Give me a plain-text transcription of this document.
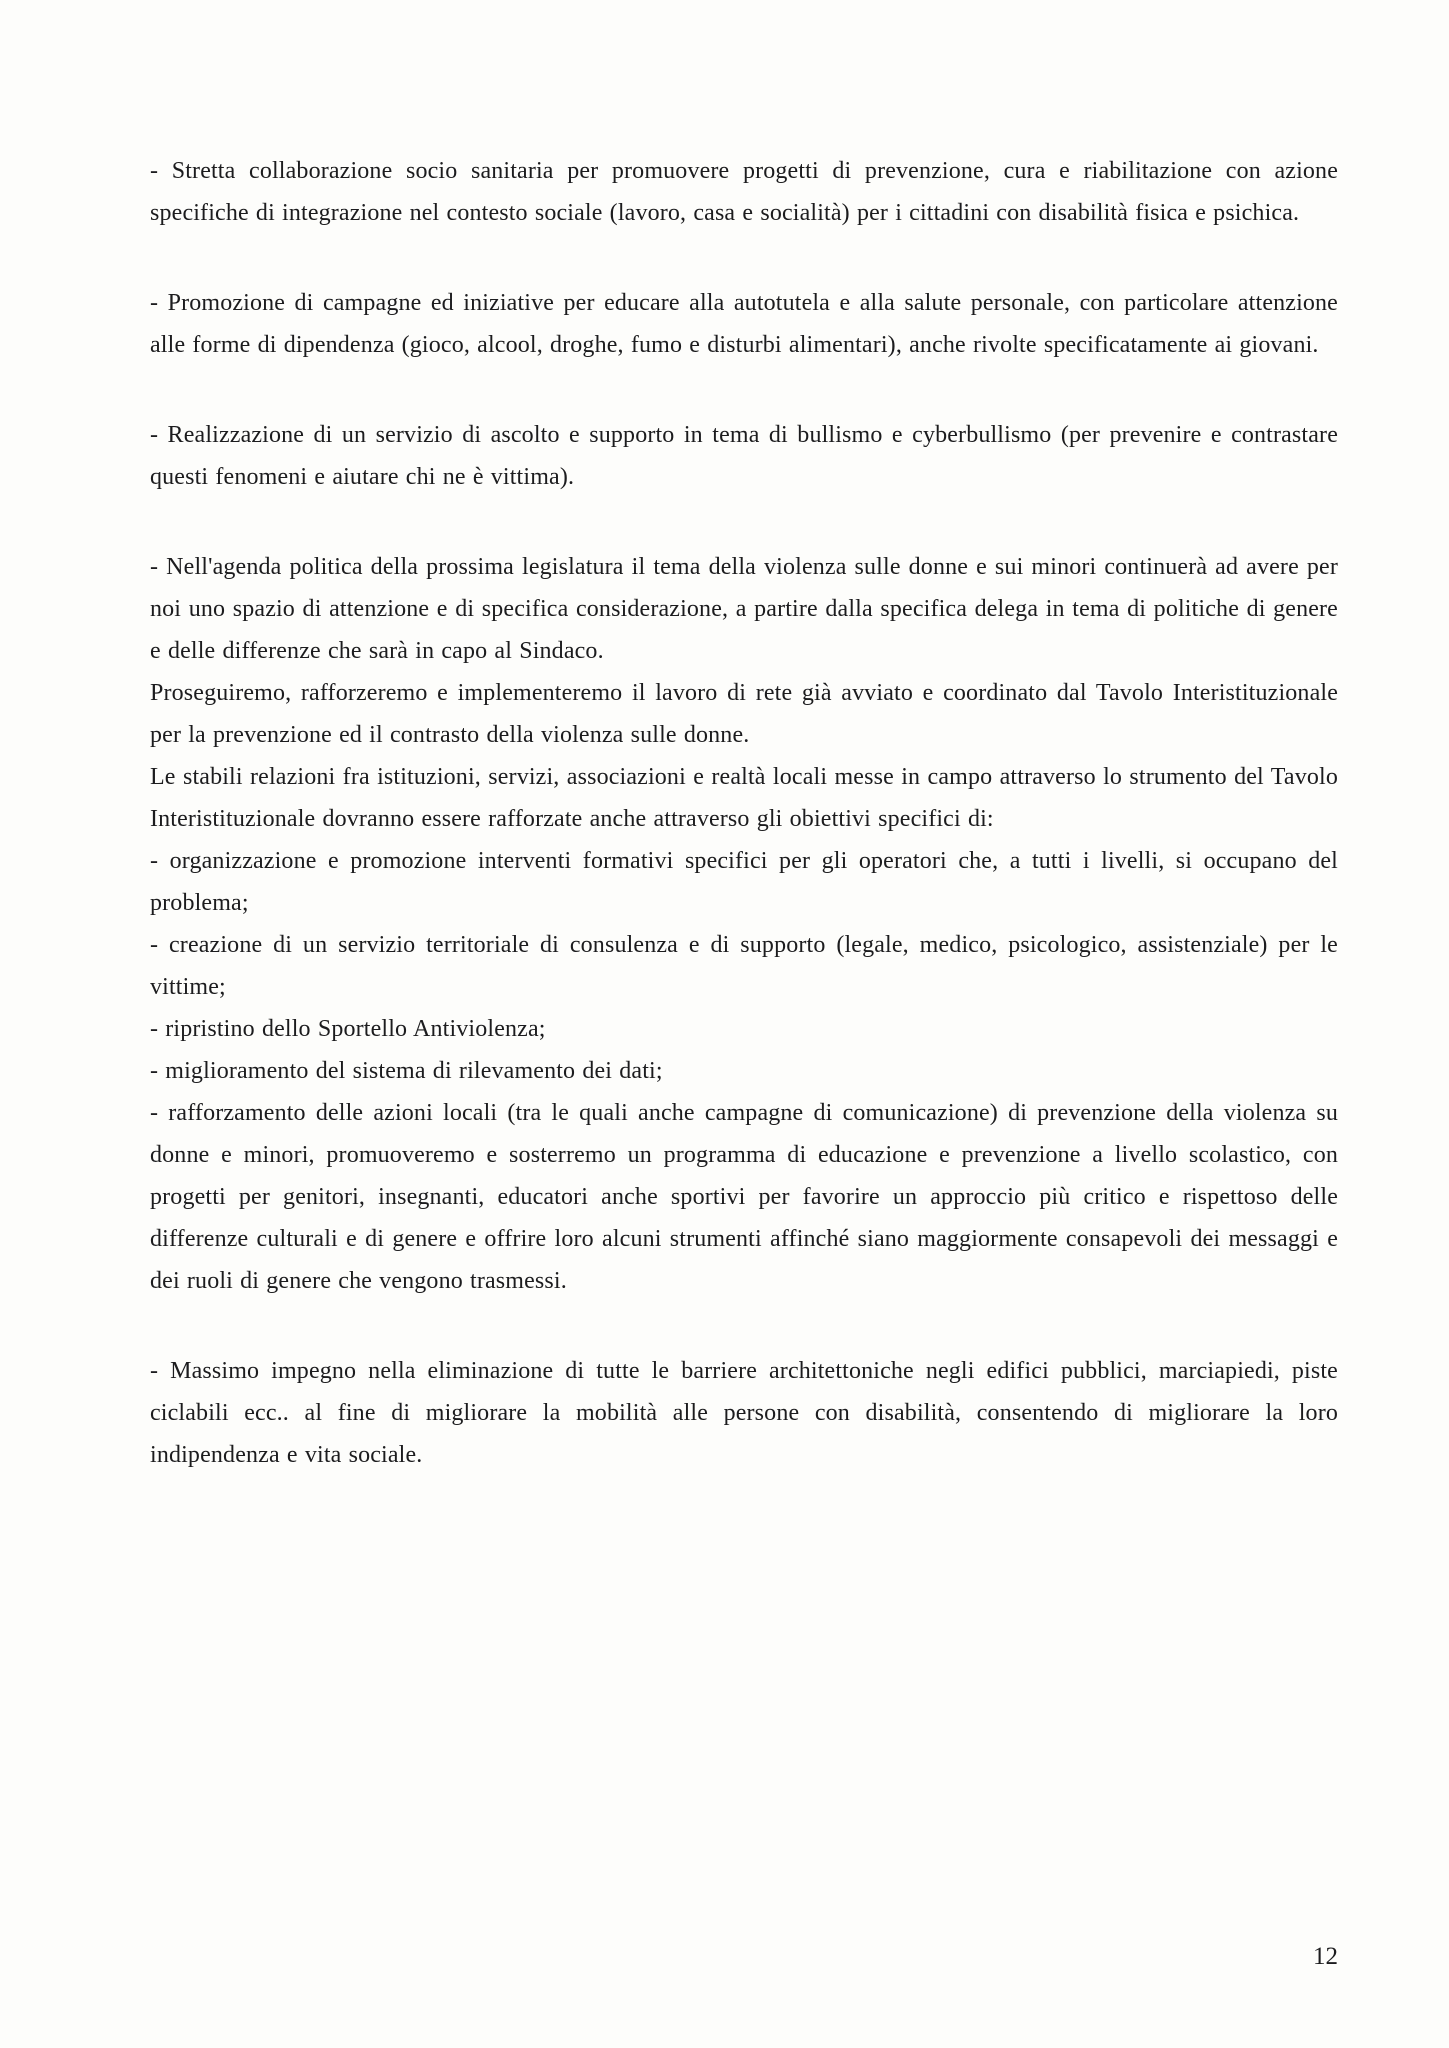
- Stretta collaborazione socio sanitaria per promuovere progetti di prevenzione, cura e riabilitazione con azione specifiche di integrazione nel contesto sociale (lavoro, casa e socialità) per i cittadini con disabilità fisica e psichica.

- Promozione di campagne ed iniziative per educare alla autotutela e alla salute personale, con particolare attenzione alle forme di dipendenza (gioco, alcool, droghe, fumo e disturbi alimentari), anche rivolte specificatamente ai giovani.

- Realizzazione di un servizio di ascolto e supporto in tema di bullismo e cyberbullismo (per prevenire e contrastare questi fenomeni e aiutare chi ne è vittima).

- Nell'agenda politica della prossima legislatura il tema della violenza sulle donne e sui minori continuerà ad avere per noi uno spazio di attenzione e di specifica considerazione, a partire dalla specifica delega in tema di politiche di genere e delle differenze che sarà in capo al Sindaco.

Proseguiremo, rafforzeremo e implementeremo il lavoro di rete già avviato e coordinato dal Tavolo Interistituzionale per la prevenzione ed il contrasto della violenza sulle donne.

Le stabili relazioni fra istituzioni, servizi, associazioni e realtà locali messe in campo attraverso lo strumento del Tavolo Interistituzionale dovranno essere rafforzate anche attraverso gli obiettivi specifici di:

- organizzazione e promozione interventi formativi specifici per gli operatori che, a tutti i livelli, si occupano del problema;

- creazione di un servizio territoriale di consulenza e di supporto (legale, medico, psicologico, assistenziale) per le vittime;

- ripristino dello Sportello Antiviolenza;

- miglioramento del sistema di rilevamento dei dati;

- rafforzamento delle azioni locali (tra le quali anche campagne di comunicazione) di prevenzione della violenza su donne e minori, promuoveremo e sosterremo un programma di educazione e prevenzione a livello scolastico, con progetti per genitori, insegnanti, educatori anche sportivi per favorire un approccio più critico e rispettoso delle differenze culturali e di genere e offrire loro alcuni strumenti affinché siano maggiormente consapevoli dei messaggi e dei ruoli di genere che vengono trasmessi.

- Massimo impegno nella eliminazione di tutte le barriere architettoniche negli edifici pubblici, marciapiedi, piste ciclabili ecc.. al fine di migliorare la mobilità alle persone con disabilità, consentendo di migliorare la loro indipendenza e vita sociale.

12
